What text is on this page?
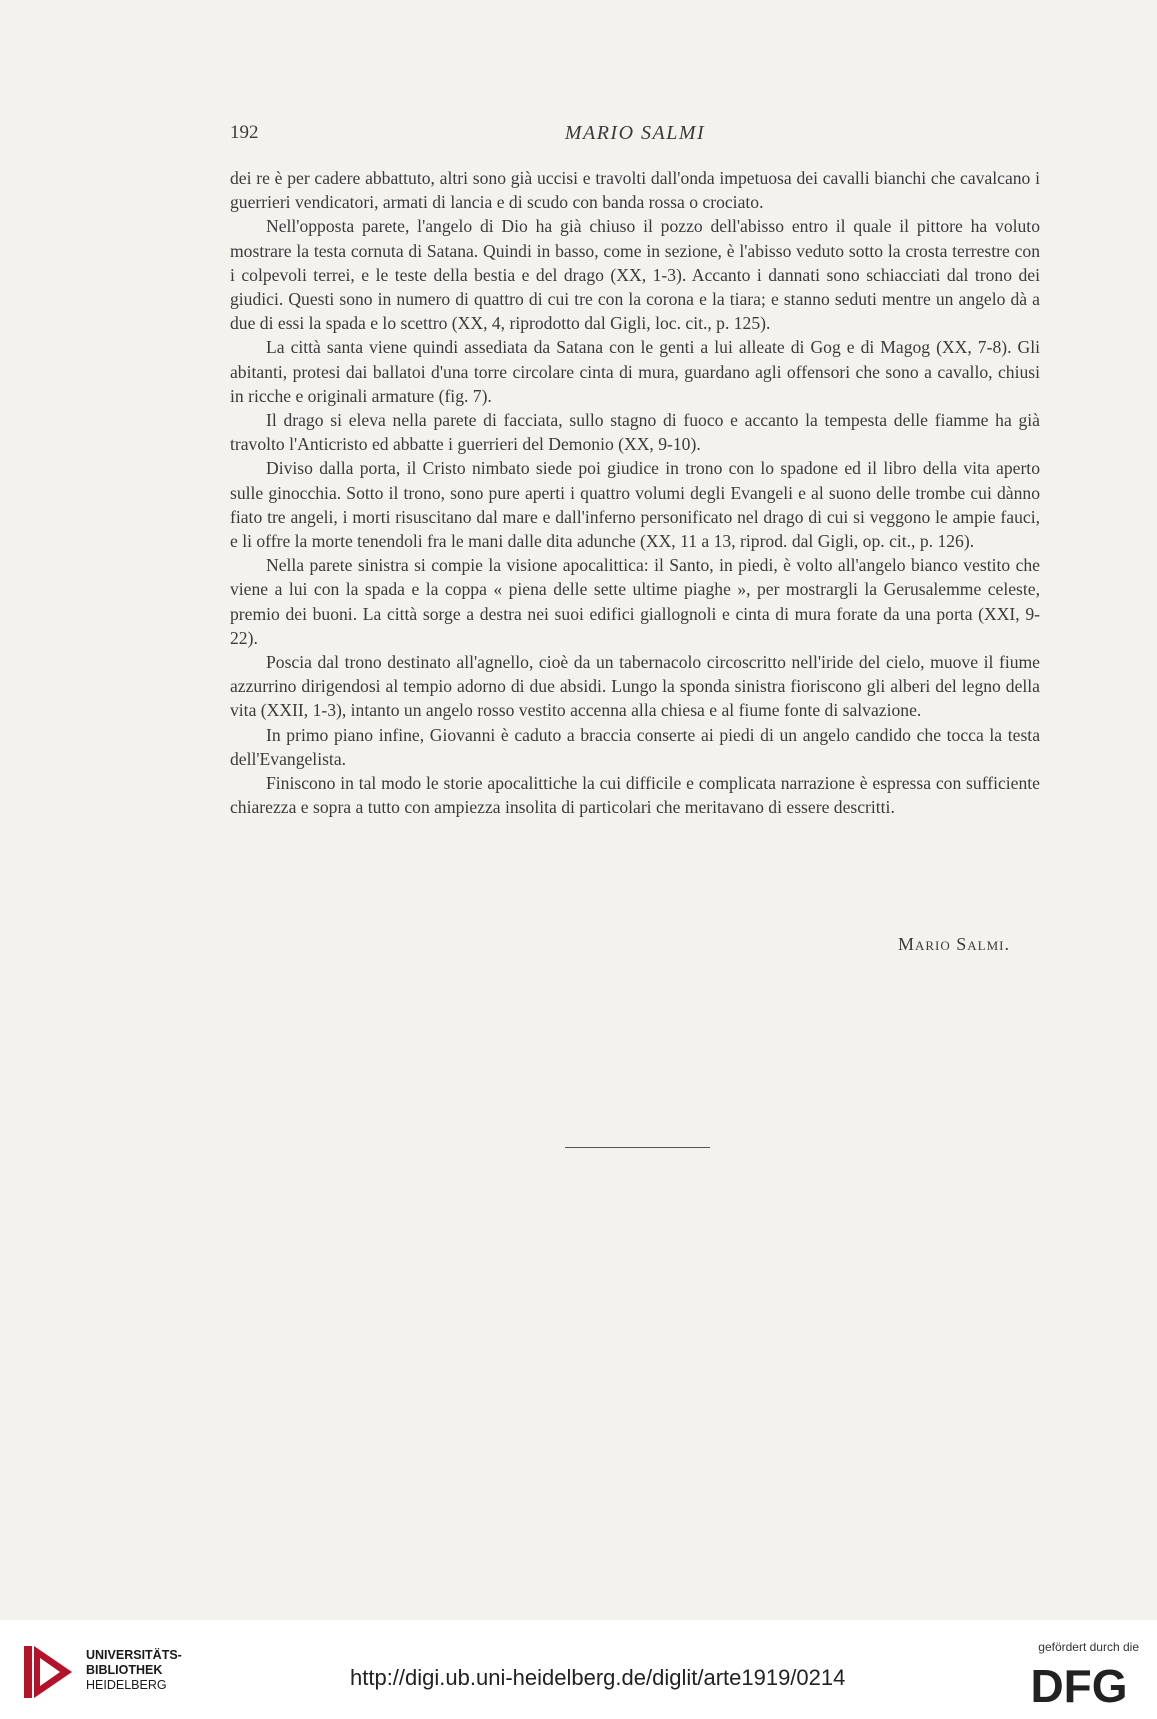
192	MARIO SALMI

dei re è per cadere abbattuto, altri sono già uccisi e travolti dall'onda impetuosa dei cavalli bianchi che cavalcano i guerrieri vendicatori, armati di lancia e di scudo con banda rossa o crociato.

Nell'opposta parete, l'angelo di Dio ha già chiuso il pozzo dell'abisso entro il quale il pittore ha voluto mostrare la testa cornuta di Satana. Quindi in basso, come in sezione, è l'abisso veduto sotto la crosta terrestre con i colpevoli terrei, e le teste della bestia e del drago (XX, 1-3). Accanto i dannati sono schiacciati dal trono dei giudici. Questi sono in numero di quattro di cui tre con la corona e la tiara; e stanno seduti mentre un angelo dà a due di essi la spada e lo scettro (XX, 4, riprodotto dal Gigli, loc. cit., p. 125).

La città santa viene quindi assediata da Satana con le genti a lui alleate di Gog e di Magog (XX, 7-8). Gli abitanti, protesi dai ballatoi d'una torre circolare cinta di mura, guardano agli offensori che sono a cavallo, chiusi in ricche e originali armature (fig. 7).

Il drago si eleva nella parete di facciata, sullo stagno di fuoco e accanto la tempesta delle fiamme ha già travolto l'Anticristo ed abbatte i guerrieri del Demonio (XX, 9-10).

Diviso dalla porta, il Cristo nimbato siede poi giudice in trono con lo spadone ed il libro della vita aperto sulle ginocchia. Sotto il trono, sono pure aperti i quattro volumi degli Evangeli e al suono delle trombe cui dànno fiato tre angeli, i morti risuscitano dal mare e dall'inferno personificato nel drago di cui si veggono le ampie fauci, e li offre la morte tenendoli fra le mani dalle dita adunche (XX, 11 a 13, riprod. dal Gigli, op. cit., p. 126).

Nella parete sinistra si compie la visione apocalittica: il Santo, in piedi, è volto all'angelo bianco vestito che viene a lui con la spada e la coppa « piena delle sette ultime piaghe », per mostrargli la Gerusalemme celeste, premio dei buoni. La città sorge a destra nei suoi edifici giallognoli e cinta di mura forate da una porta (XXI, 9-22).

Poscia dal trono destinato all'agnello, cioè da un tabernacolo circoscritto nell'iride del cielo, muove il fiume azzurrino dirigendosi al tempio adorno di due absidi. Lungo la sponda sinistra fioriscono gli alberi del legno della vita (XXII, 1-3), intanto un angelo rosso vestito accenna alla chiesa e al fiume fonte di salvazione.

In primo piano infine, Giovanni è caduto a braccia conserte ai piedi di un angelo candido che tocca la testa dell'Evangelista.

Finiscono in tal modo le storie apocalittiche la cui difficile e complicata narrazione è espressa con sufficiente chiarezza e sopra a tutto con ampiezza insolita di particolari che meritavano di essere descritti.

Mario Salmi.
UNIVERSITÄTS-
BIBLIOTHEK
HEIDELBERG	http://digi.ub.uni-heidelberg.de/diglit/arte1919/0214
gefördert durch die
DFG
